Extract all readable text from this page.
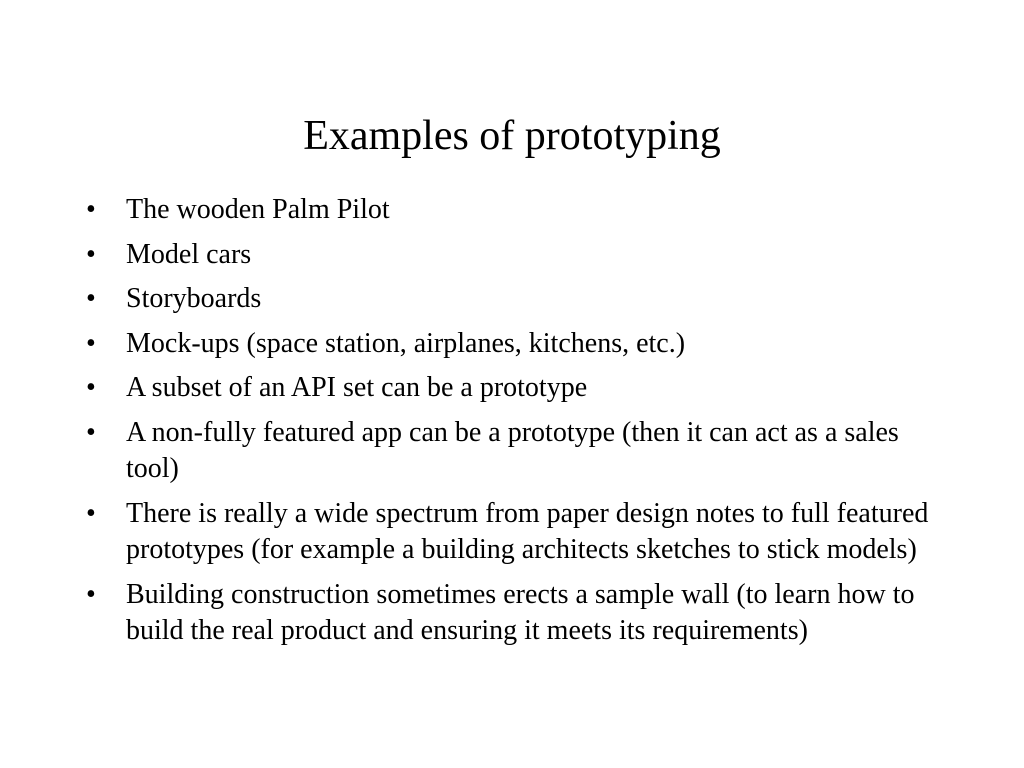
Examples of prototyping
•	The wooden Palm Pilot
•	Model cars
•	Storyboards
•	Mock-ups (space station, airplanes, kitchens, etc.)
•	A subset of an API set can be a prototype
•	A non-fully featured app can be a prototype (then it can act as a sales tool)
•	There is really a wide spectrum from paper design notes to full featured prototypes (for example a building architects sketches to stick models)
•	Building construction sometimes erects a sample wall (to learn how to build the real product and ensuring it meets its requirements)
